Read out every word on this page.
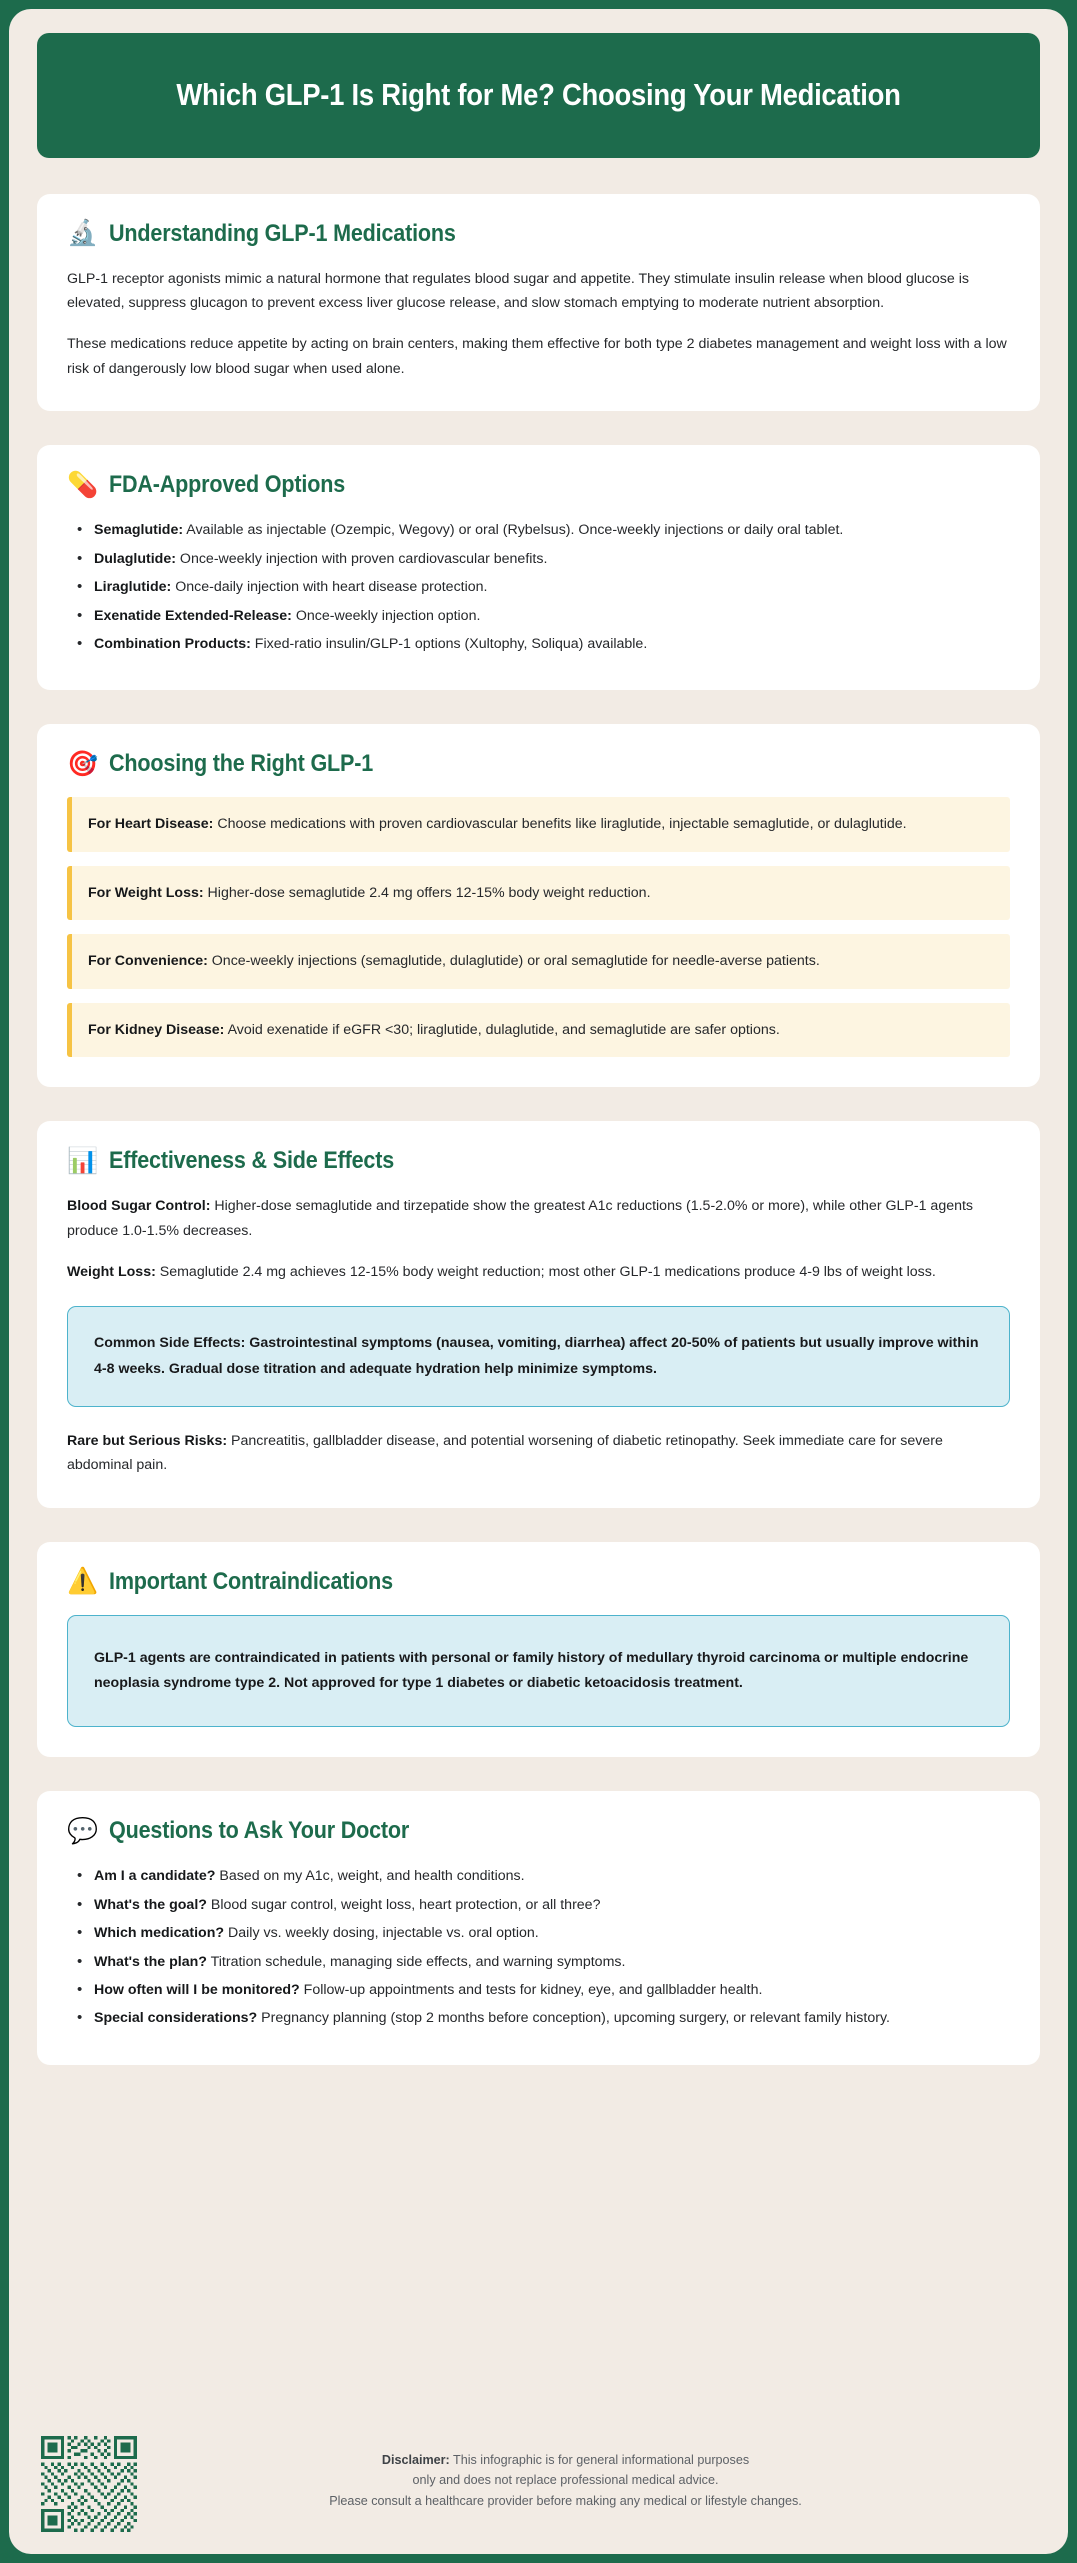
Which GLP-1 Is Right for Me? Choosing Your Medication
🔬 Understanding GLP-1 Medications

GLP-1 receptor agonists mimic a natural hormone that regulates blood sugar and appetite. They stimulate insulin release when blood glucose is elevated, suppress glucagon to prevent excess liver glucose release, and slow stomach emptying to moderate nutrient absorption.

These medications reduce appetite by acting on brain centers, making them effective for both type 2 diabetes management and weight loss with a low risk of dangerously low blood sugar when used alone.

💊 FDA-Approved Options
• Semaglutide: Available as injectable (Ozempic, Wegovy) or oral (Rybelsus). Once-weekly injections or daily oral tablet.
• Dulaglutide: Once-weekly injection with proven cardiovascular benefits.
• Liraglutide: Once-daily injection with heart disease protection.
• Exenatide Extended-Release: Once-weekly injection option.
• Combination Products: Fixed-ratio insulin/GLP-1 options (Xultophy, Soliqua) available.
🎯 Choosing the Right GLP-1
For Heart Disease: Choose medications with proven cardiovascular benefits like liraglutide, injectable semaglutide, or dulaglutide.
For Weight Loss: Higher-dose semaglutide 2.4 mg offers 12-15% body weight reduction.
For Convenience: Once-weekly injections (semaglutide, dulaglutide) or oral semaglutide for needle-averse patients.
For Kidney Disease: Avoid exenatide if eGFR <30; liraglutide, dulaglutide, and semaglutide are safer options.
📊 Effectiveness & Side Effects

Blood Sugar Control: Higher-dose semaglutide and tirzepatide show the greatest A1c reductions (1.5-2.0% or more), while other GLP-1 agents produce 1.0-1.5% decreases.

Weight Loss: Semaglutide 2.4 mg achieves 12-15% body weight reduction; most other GLP-1 medications produce 4-9 lbs of weight loss.

Common Side Effects: Gastrointestinal symptoms (nausea, vomiting, diarrhea) affect 20-50% of patients but usually improve within 4-8 weeks. Gradual dose titration and adequate hydration help minimize symptoms.

Rare but Serious Risks: Pancreatitis, gallbladder disease, and potential worsening of diabetic retinopathy. Seek immediate care for severe abdominal pain.

⚠️ Important Contraindications
GLP-1 agents are contraindicated in patients with personal or family history of medullary thyroid carcinoma or multiple endocrine neoplasia syndrome type 2. Not approved for type 1 diabetes or diabetic ketoacidosis treatment.
💬 Questions to Ask Your Doctor
• Am I a candidate? Based on my A1c, weight, and health conditions.
• What's the goal? Blood sugar control, weight loss, heart protection, or all three?
• Which medication? Daily vs. weekly dosing, injectable vs. oral option.
• What's the plan? Titration schedule, managing side effects, and warning symptoms.
• How often will I be monitored? Follow-up appointments and tests for kidney, eye, and gallbladder health.
• Special considerations? Pregnancy planning (stop 2 months before conception), upcoming surgery, or relevant family history.
Disclaimer: This infographic is for general informational purposes
only and does not replace professional medical advice.
Please consult a healthcare provider before making any medical or lifestyle changes.
